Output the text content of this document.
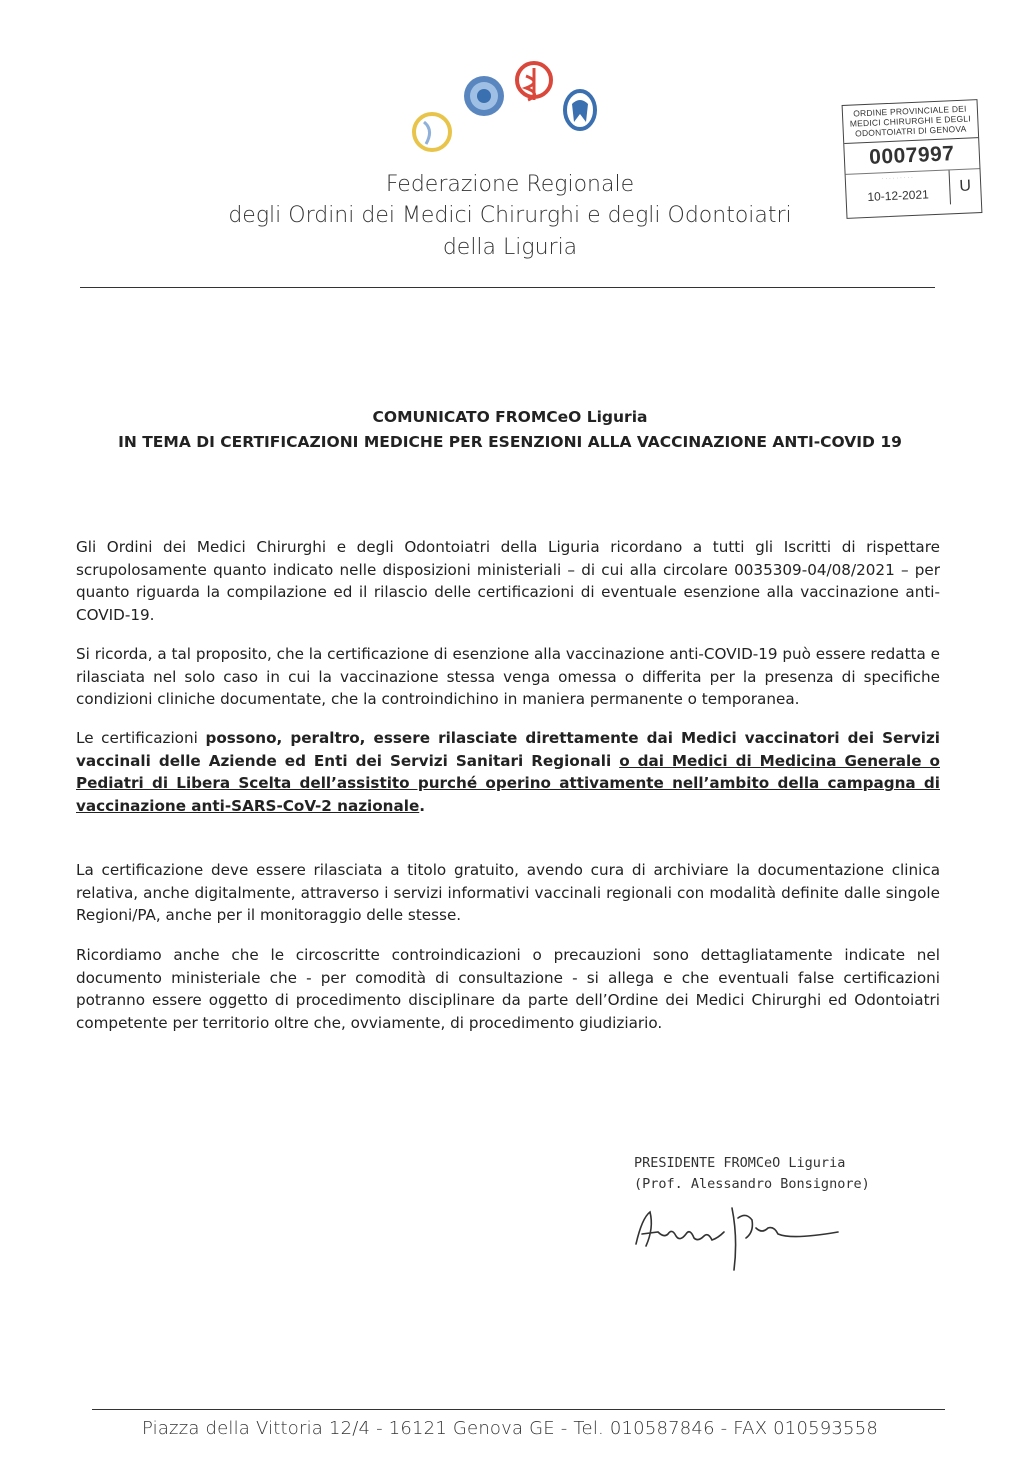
Federazione Regionale
degli Ordini dei Medici Chirurghi e degli Odontoiatri
della Liguria
ORDINE PROVINCIALE DEI MEDICI CHIRURGHI E DEGLI ODONTOIATRI DI GENOVA
0007997
· · · · · · · · ·
10-12-2021
U
COMUNICATO FROMCeO Liguria
IN TEMA DI CERTIFICAZIONI MEDICHE PER ESENZIONI ALLA VACCINAZIONE ANTI-COVID 19
Gli Ordini dei Medici Chirurghi e degli Odontoiatri della Liguria ricordano a tutti gli Iscritti di rispettare scrupolosamente quanto indicato nelle disposizioni ministeriali – di cui alla circolare 0035309-04/08/2021 – per quanto riguarda la compilazione ed il rilascio delle certificazioni di eventuale esenzione alla vaccinazione anti-COVID-19.
Si ricorda, a tal proposito, che la certificazione di esenzione alla vaccinazione anti-COVID-19 può essere redatta e rilasciata nel solo caso in cui la vaccinazione stessa venga omessa o differita per la presenza di specifiche condizioni cliniche documentate, che la controindichino in maniera permanente o temporanea.
Le certificazioni possono, peraltro, essere rilasciate direttamente dai Medici vaccinatori dei Servizi vaccinali delle Aziende ed Enti dei Servizi Sanitari Regionali o dai Medici di Medicina Generale o Pediatri di Libera Scelta dell’assistito purché operino attivamente nell’ambito della campagna di vaccinazione anti-SARS-CoV-2 nazionale.
La certificazione deve essere rilasciata a titolo gratuito, avendo cura di archiviare la documentazione clinica relativa, anche digitalmente, attraverso i servizi informativi vaccinali regionali con modalità definite dalle singole Regioni/PA, anche per il monitoraggio delle stesse.
Ricordiamo anche che le circoscritte controindicazioni o precauzioni sono dettagliatamente indicate nel documento ministeriale che - per comodità di consultazione - si allega e che eventuali false certificazioni potranno essere oggetto di procedimento disciplinare da parte dell’Ordine dei Medici Chirurghi ed Odontoiatri competente per territorio oltre che, ovviamente, di procedimento giudiziario.
PRESIDENTE FROMCeO Liguria
(Prof. Alessandro Bonsignore)
Piazza della Vittoria 12/4 - 16121 Genova GE - Tel. 010587846 - FAX 010593558
